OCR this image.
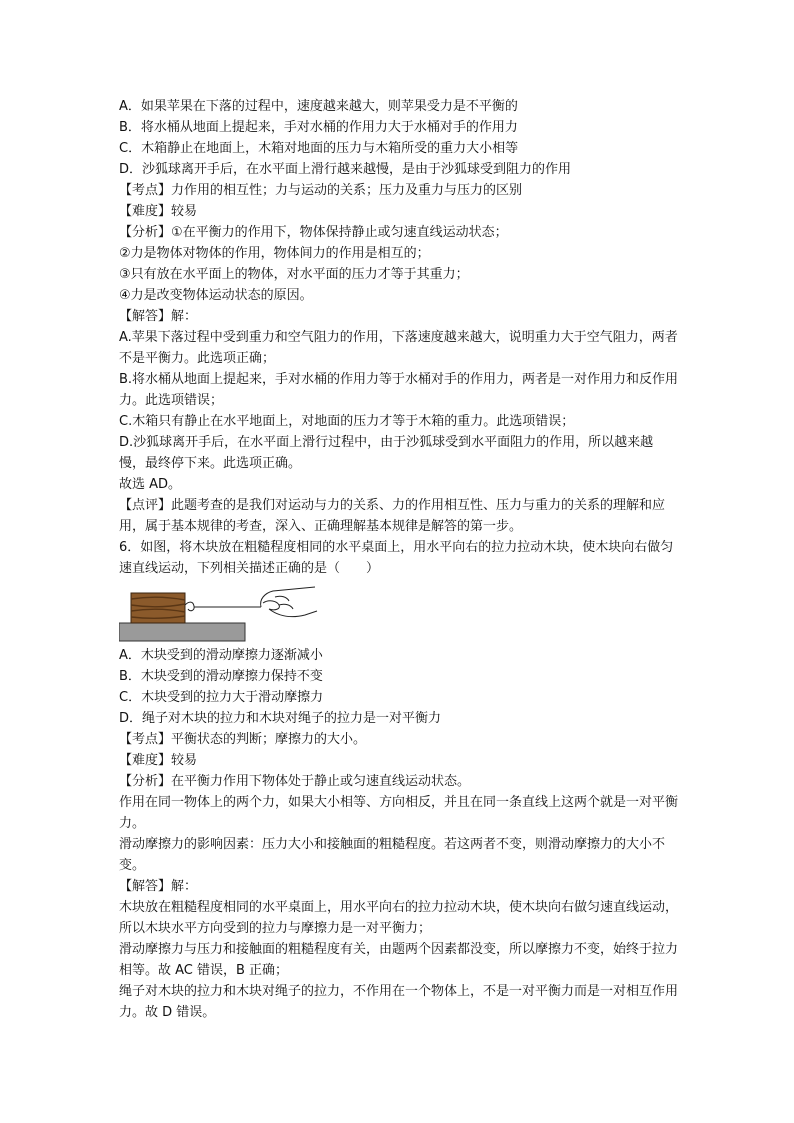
A．如果苹果在下落的过程中，速度越来越大，则苹果受力是不平衡的
B．将水桶从地面上提起来，手对水桶的作用力大于水桶对手的作用力
C．木箱静止在地面上，木箱对地面的压力与木箱所受的重力大小相等
D．沙狐球离开手后，在水平面上滑行越来越慢，是由于沙狐球受到阻力的作用
【考点】力作用的相互性；力与运动的关系；压力及重力与压力的区别
【难度】较易
【分析】①在平衡力的作用下，物体保持静止或匀速直线运动状态；
②力是物体对物体的作用，物体间力的作用是相互的；
③只有放在水平面上的物体，对水平面的压力才等于其重力；
④力是改变物体运动状态的原因。
【解答】解：
A.苹果下落过程中受到重力和空气阻力的作用，下落速度越来越大，说明重力大于空气阻力，两者不是平衡力。此选项正确；
B.将水桶从地面上提起来，手对水桶的作用力等于水桶对手的作用力，两者是一对作用力和反作用力。此选项错误；
C.木箱只有静止在水平地面上，对地面的压力才等于木箱的重力。此选项错误；
D.沙狐球离开手后，在水平面上滑行过程中，由于沙狐球受到水平面阻力的作用，所以越来越慢，最终停下来。此选项正确。
故选 AD。
【点评】此题考查的是我们对运动与力的关系、力的作用相互性、压力与重力的关系的理解和应用，属于基本规律的考查，深入、正确理解基本规律是解答的第一步。
6．如图，将木块放在粗糙程度相同的水平桌面上，用水平向右的拉力拉动木块，使木块向右做匀速直线运动，下列相关描述正确的是（　　）
A．木块受到的滑动摩擦力逐渐减小
B．木块受到的滑动摩擦力保持不变
C．木块受到的拉力大于滑动摩擦力
D．绳子对木块的拉力和木块对绳子的拉力是一对平衡力
【考点】平衡状态的判断；摩擦力的大小。
【难度】较易
【分析】在平衡力作用下物体处于静止或匀速直线运动状态。
作用在同一物体上的两个力，如果大小相等、方向相反，并且在同一条直线上这两个就是一对平衡力。
滑动摩擦力的影响因素：压力大小和接触面的粗糙程度。若这两者不变，则滑动摩擦力的大小不变。
【解答】解：
木块放在粗糙程度相同的水平桌面上，用水平向右的拉力拉动木块，使木块向右做匀速直线运动，所以木块水平方向受到的拉力与摩擦力是一对平衡力；
滑动摩擦力与压力和接触面的粗糙程度有关，由题两个因素都没变，所以摩擦力不变，始终于拉力相等。故 AC 错误，B 正确；
绳子对木块的拉力和木块对绳子的拉力，不作用在一个物体上，不是一对平衡力而是一对相互作用力。故 D 错误。
